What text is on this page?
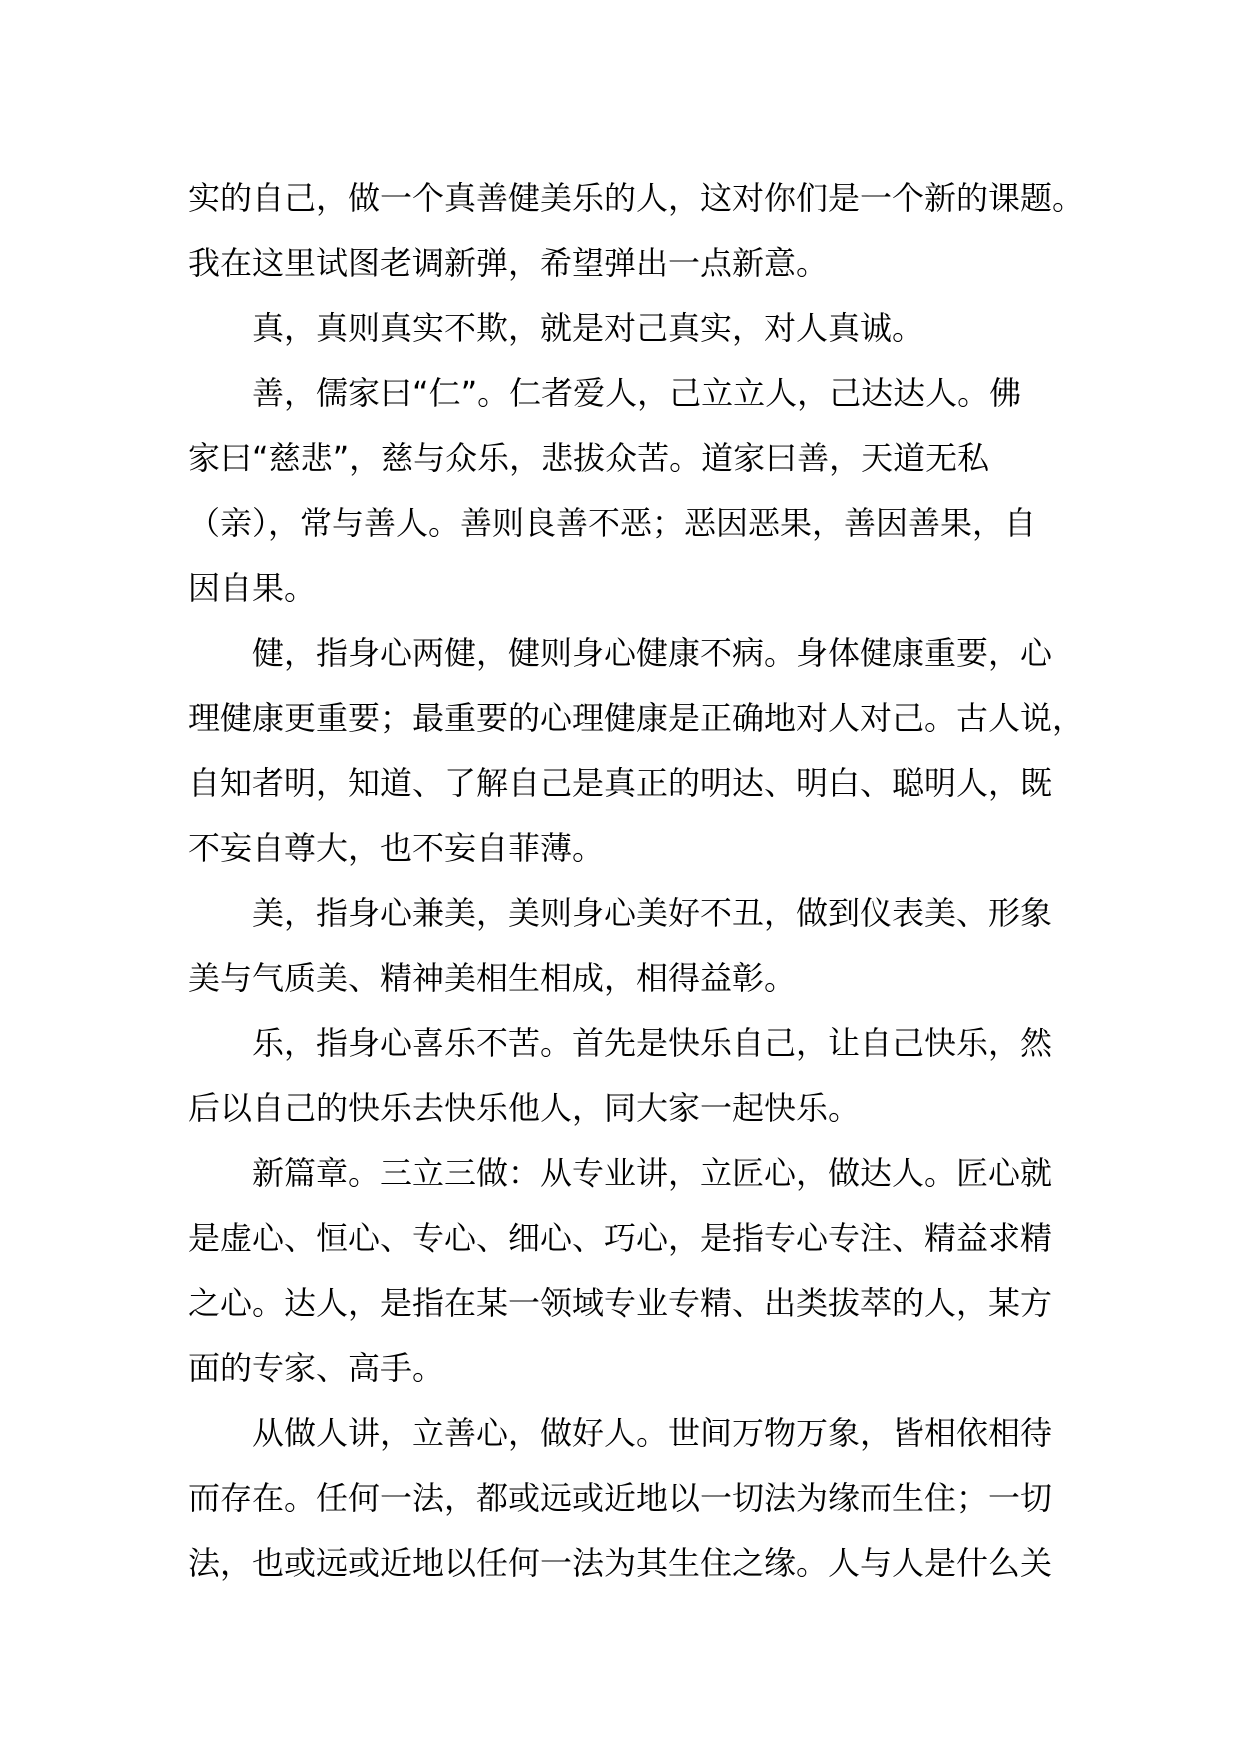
实的自己，做一个真善健美乐的人，这对你们是一个新的课题。
我在这里试图老调新弹，希望弹出一点新意。

真，真则真实不欺，就是对己真实，对人真诚。

善，儒家曰“仁”。仁者爱人，己立立人，己达达人。佛
家曰“慈悲”，慈与众乐，悲拔众苦。道家曰善，天道无私
（亲），常与善人。善则良善不恶；恶因恶果，善因善果，自
因自果。

健，指身心两健，健则身心健康不病。身体健康重要，心
理健康更重要；最重要的心理健康是正确地对人对己。古人说，
自知者明，知道、了解自己是真正的明达、明白、聪明人，既
不妄自尊大，也不妄自菲薄。

美，指身心兼美，美则身心美好不丑，做到仪表美、形象
美与气质美、精神美相生相成，相得益彰。

乐，指身心喜乐不苦。首先是快乐自己，让自己快乐，然
后以自己的快乐去快乐他人，同大家一起快乐。

新篇章。三立三做：从专业讲，立匠心，做达人。匠心就
是虚心、恒心、专心、细心、巧心，是指专心专注、精益求精
之心。达人，是指在某一领域专业专精、出类拔萃的人，某方
面的专家、高手。

从做人讲，立善心，做好人。世间万物万象，皆相依相待
而存在。任何一法，都或远或近地以一切法为缘而生住；一切
法，也或远或近地以任何一法为其生住之缘。人与人是什么关
